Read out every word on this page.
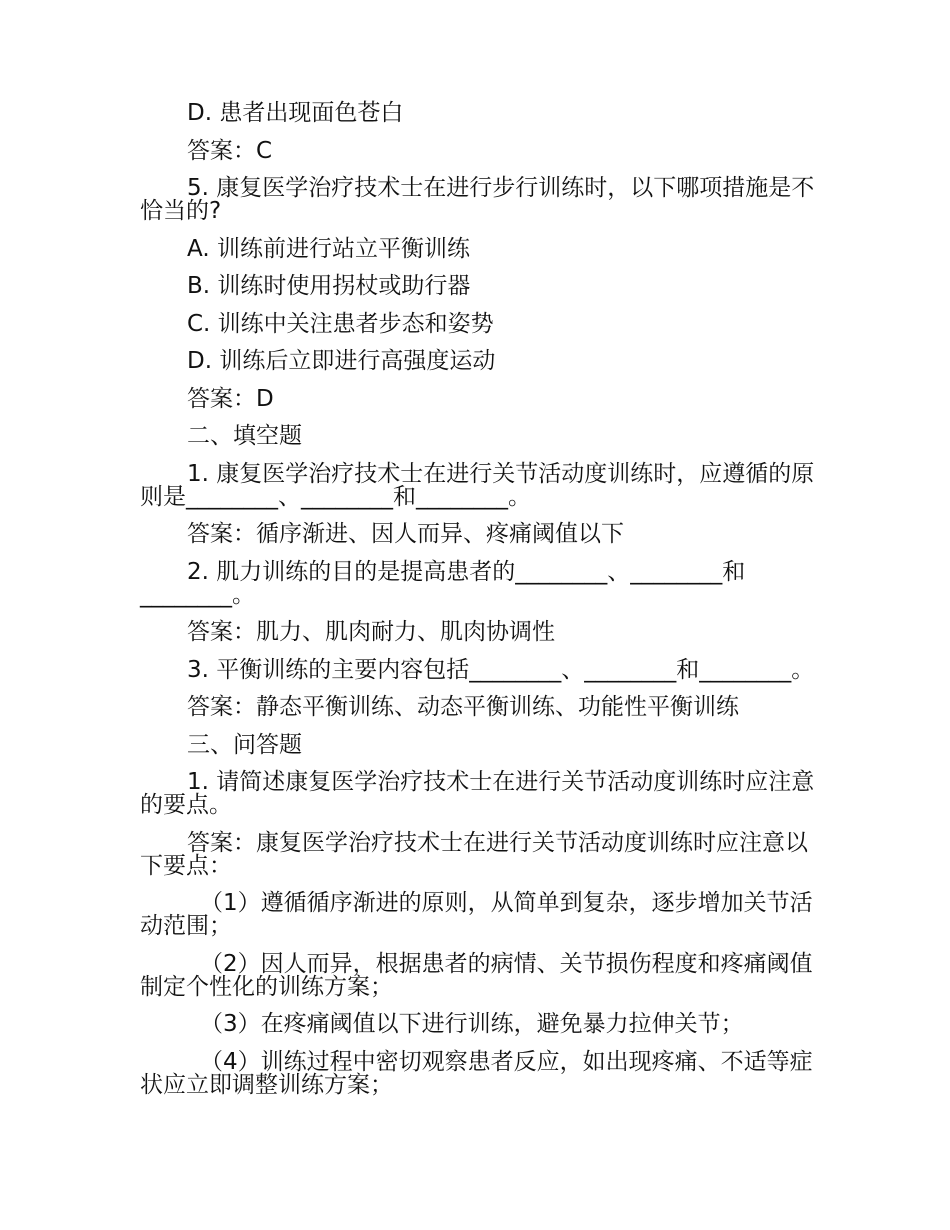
D. 患者出现面色苍白

答案：C

5. 康复医学治疗技术士在进行步行训练时，以下哪项措施是不恰当的?

A. 训练前进行站立平衡训练

B. 训练时使用拐杖或助行器

C. 训练中关注患者步态和姿势

D. 训练后立即进行高强度运动

答案：D

二、填空题

1. 康复医学治疗技术士在进行关节活动度训练时，应遵循的原则是________、________和________。

答案：循序渐进、因人而异、疼痛阈值以下

2. 肌力训练的目的是提高患者的________、________和________。

答案：肌力、肌肉耐力、肌肉协调性

3. 平衡训练的主要内容包括________、________和________。

答案：静态平衡训练、动态平衡训练、功能性平衡训练

三、问答题

1. 请简述康复医学治疗技术士在进行关节活动度训练时应注意的要点。

答案：康复医学治疗技术士在进行关节活动度训练时应注意以下要点：

（1）遵循循序渐进的原则，从简单到复杂，逐步增加关节活动范围；

（2）因人而异，根据患者的病情、关节损伤程度和疼痛阈值制定个性化的训练方案；

（3）在疼痛阈值以下进行训练，避免暴力拉伸关节；

（4）训练过程中密切观察患者反应，如出现疼痛、不适等症状应立即调整训练方案；
